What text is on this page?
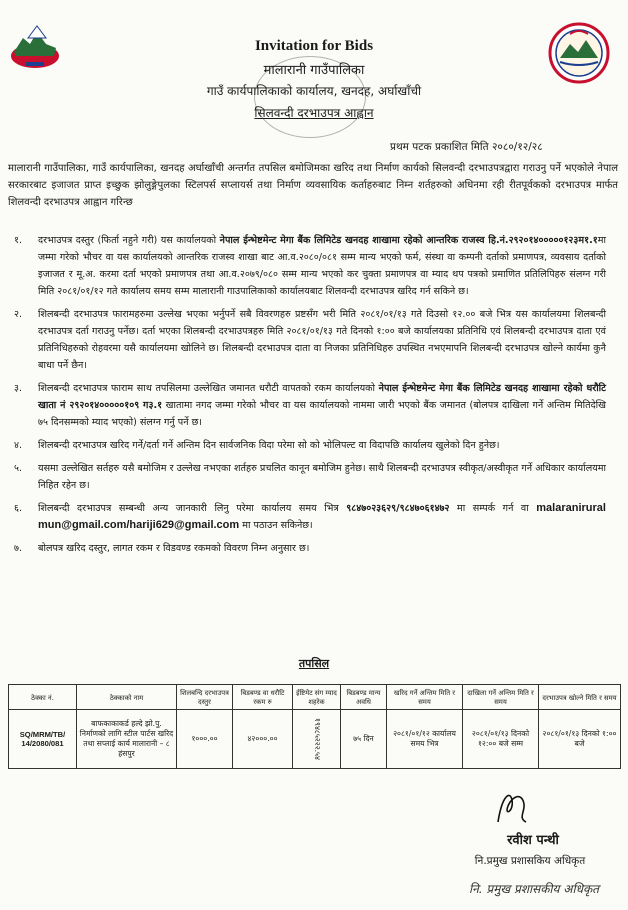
Invitation for Bids
मालारानी गाउँपालिका
गाउँ कार्यपालिकाको कार्यालय, खनदह, अर्घाखाँची
सिलवन्दी दरभाउपत्र आह्वान
प्रथम पटक प्रकाशित मिति २०८०/१२/२८
मालारानी गाउँपालिका, गाउँ कार्यपालिका, खनदह अर्घाखाँची अन्तर्गत तपसिल बमोजिमका खरिद तथा निर्माण कार्यको सिलवन्दी दरभाउपत्रद्वारा गराउनु पर्ने भएकोले नेपाल सरकारबाट इजाजत प्राप्त इच्छुक झोलुङ्गेपुलका स्टिलपर्स सप्लायर्स तथा निर्माण व्यवसायिक कर्ताहरुबाट निम्न शर्तहरुको अधिनमा रही रीतपूर्वकको दरभाउपत्र मार्फत शिलवन्दी दरभाउपत्र आह्वान गरिन्छ
१. दरभाउपत्र दस्तुर (फिर्ता नहुने गरी) यस कार्यालयको नेपाल ईन्भेष्टमेन्ट मेगा बैंक लिमिटेड खनदह शाखामा रहेको आन्तरिक राजस्व हि.नं.२९२०१४०००००१२३म१.१मा जम्मा गरेको भौचर वा यस कार्यालयको आन्तरिक राजस्व शाखा बाट आ.व.२०८०/०८१ सम्म मान्य भएको फर्म, संस्था वा कम्पनी दर्ताको प्रमाणपत्र, व्यवसाय दर्ताको इजाजत र मू.अ. करमा दर्ता भएको प्रमाणपत्र तथा आ.व.२०७९/०८० सम्म मान्य भएको कर चुक्ता प्रमाणपत्र वा म्याद थप पत्रको प्रमाणित प्रतिलिपिहरु संलग्न गरी मिति २०८१/०१/१२ गते कार्यालय समय सम्म मालारानी गाउपालिकाको कार्यालयबाट शिलवन्दी दरभाउपत्र खरिद गर्न सकिने छ।
२. शिलबन्दी दरभाउपत्र फारामहरुमा उल्लेख भएका भर्नुपर्ने सबै विवरणहरु प्रष्टसँग भरी मिति २०८१/०१/१३ गते दिउसो १२.०० बजे भित्र यस कार्यालयमा शिलबन्दी दरभाउपत्र दर्ता गराउनु पर्नेछ। दर्ता भएका शिलबन्दी दरभाउपत्रहरु मिति २०८१/०१/१३ गते दिनको १:०० बजे कार्यालयका प्रतिनिधि एवं शिलबन्दी दरभाउपत्र दाता एवं प्रतिनिधिहरुको रोहवरमा यसै कार्यालयमा खोलिने छ। शिलबन्दी दरभाउपत्र दाता वा निजका प्रतिनिधिहरु उपस्थित नभएमापनि शिलबन्दी दरभाउपत्र खोल्ने कार्यमा कुनै बाधा पर्ने छैन।
३. शिलबन्दी दरभाउपत्र फाराम साथ तपसिलमा उल्लेखित जमानत धरौटी वापतको रकम कार्यालयको नेपाल ईन्भेष्टमेन्ट मेगा बैंक लिमिटेड खनदह शाखामा रहेको धरौटि खाता नं २९२०१४०००००१०९ ग३.१ खातामा नगद जम्मा गरेको भौचर वा यस कार्यालयको नाममा जारी भएको बैंक जमानत (बोलपत्र दाखिला गर्ने अन्तिम मितिदेखि ७५ दिनसम्मको म्याद भएको) संलग्न गर्नु पर्ने छ।
४. शिलबन्दी दरभाउपत्र खरिद गर्ने/दर्ता गर्ने अन्तिम दिन सार्वजनिक विदा परेमा सो को भोलिपल्ट वा विदापछि कार्यालय खुलेको दिन हुनेछ।
५. यसमा उल्लेखित सर्तहरु यसै बमोजिम र उल्लेख नभएका शर्तहरु प्रचलित कानून बमोजिम हुनेछ। साथै शिलबन्दी दरभाउपत्र स्वीकृत/अस्वीकृत गर्ने अधिकार कार्यालयमा निहित रहेन छ।
६. शिलबन्दी दरभाउपत्र सम्बन्धी अन्य जानकारी लिनु परेमा कार्यालय समय भित्र ९८४७०२३६२९/९८४७०६१४७२ मा सम्पर्क गर्न वा malaranirural mun@gmail.com/hariji629@gmail.com मा पठाउन सकिनेछ।
७. बोलपत्र खरिद दस्तुर, लागत रकम र विडवण्ड रकमको विवरण निम्न अनुसार छ।
तपसिल
ठेक्का नं.	ठेक्काको नाम	शिलबन्दि दरभाउपत्र दस्तुर	बिडबण्ड वा धरौटि रकम रु	ईष्टिमेट संग म्याद शहरेक	बिडबण्ड मान्य अवधि	खरिद गर्ने अन्तिम मिति र समय	दाखिला गर्ने अन्तिम मिति र समय	दरभाउपत्र खोल्ने मिति र समय
SQ/MRM/TB/ 14/2080/081	बाफकाकाकर्ड हल्दे झो.पु. निर्माणको लागि स्टील पार्टस खरिद तथा सप्लाई कार्य मालारानी – ८ हंसपुर	१०००.००	४२०००.००	१९४८५२२२.५४	७५ दिन	२०८१/०१/१२ कार्यालय समय भित्र	२०८१/०१/१३ दिनको १२:०० बजे सम्म	२०८१/०१/१३ दिनको १:०० बजे
रवीश पन्थी
नि.प्रमुख प्रशासकिय अधिकृत
नि. प्रमुख प्रशासकीय अधिकृत
